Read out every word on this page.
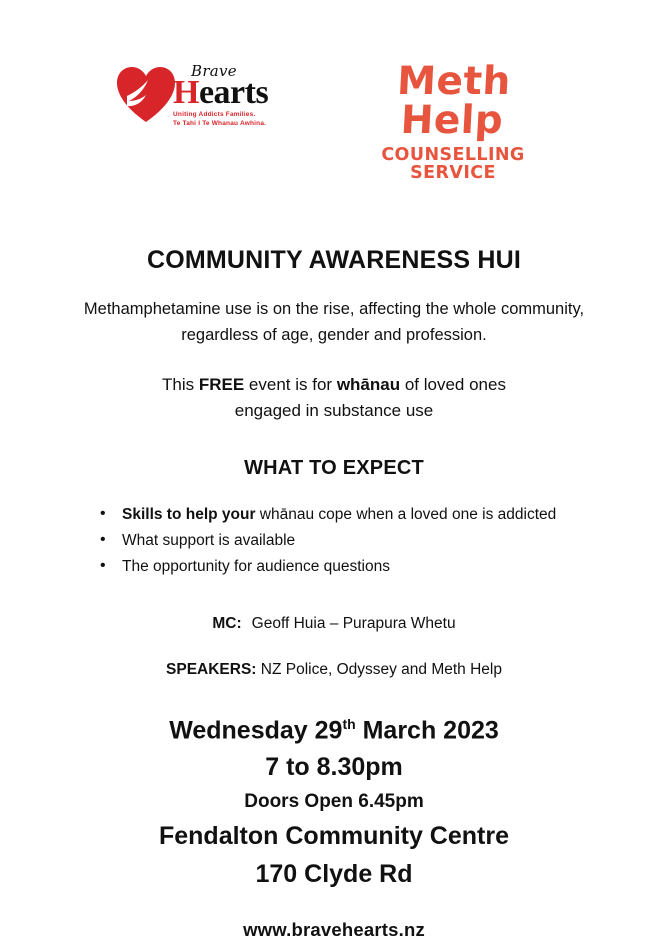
Brave
Hearts
Uniting Addicts Families.
Te Tahi I Te Whanau Awhina.
Meth Help
COUNSELLING SERVICE
COMMUNITY AWARENESS HUI
Methamphetamine use is on the rise, affecting the whole community,
regardless of age, gender and profession.
This FREE event is for whānau of loved ones
engaged in substance use
WHAT TO EXPECT
• Skills to help your whānau cope when a loved one is addicted
• What support is available
• The opportunity for audience questions
MC: Geoff Huia – Purapura Whetu
SPEAKERS: NZ Police, Odyssey and Meth Help
Wednesday 29th March 2023
7 to 8.30pm
Doors Open 6.45pm
Fendalton Community Centre
170 Clyde Rd
www.bravehearts.nz
